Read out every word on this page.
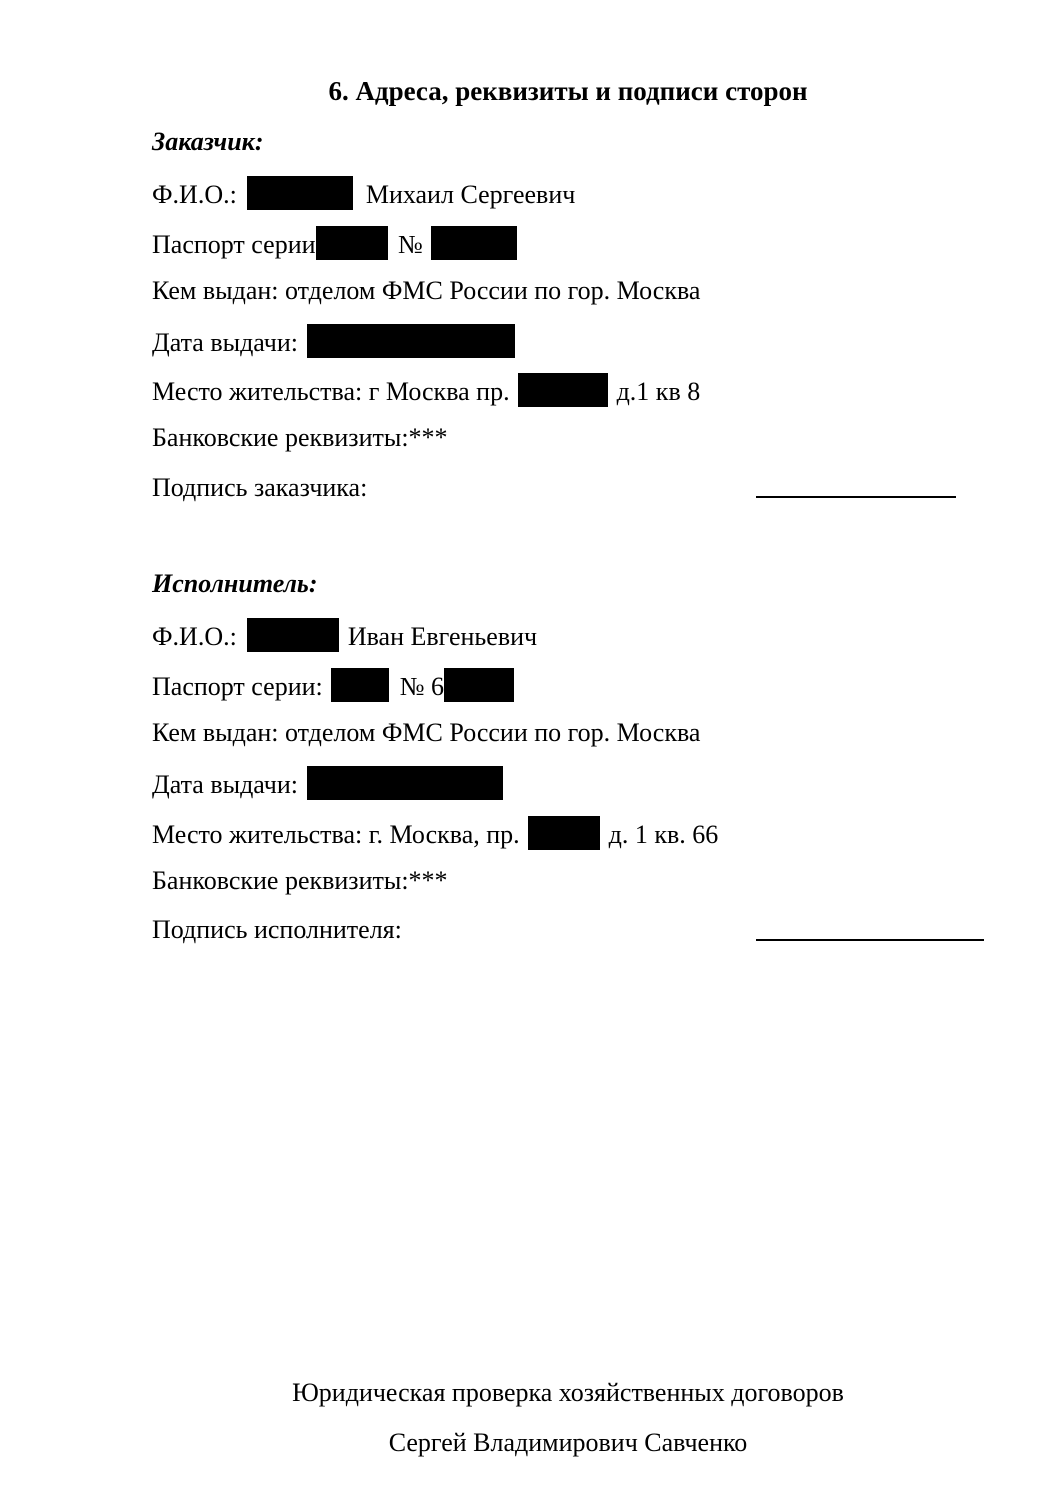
6. Адреса, реквизиты и подписи сторон
Заказчик:
Ф.И.О.:	Михаил Сергеевич
Паспорт серии	№
Кем выдан: отделом ФМС России по гор. Москва
Дата выдачи:
Место жительства: г Москва пр.	д.1 кв 8
Банковские реквизиты:***
Подпись заказчика:
Исполнитель:
Ф.И.О.:	Иван Евгеньевич
Паспорт серии:	№ 6
Кем выдан: отделом ФМС России по гор. Москва
Дата выдачи:
Место жительства: г. Москва, пр.	д. 1 кв. 66
Банковские реквизиты:***
Подпись исполнителя:
Юридическая проверка хозяйственных договоров
Сергей Владимирович Савченко
